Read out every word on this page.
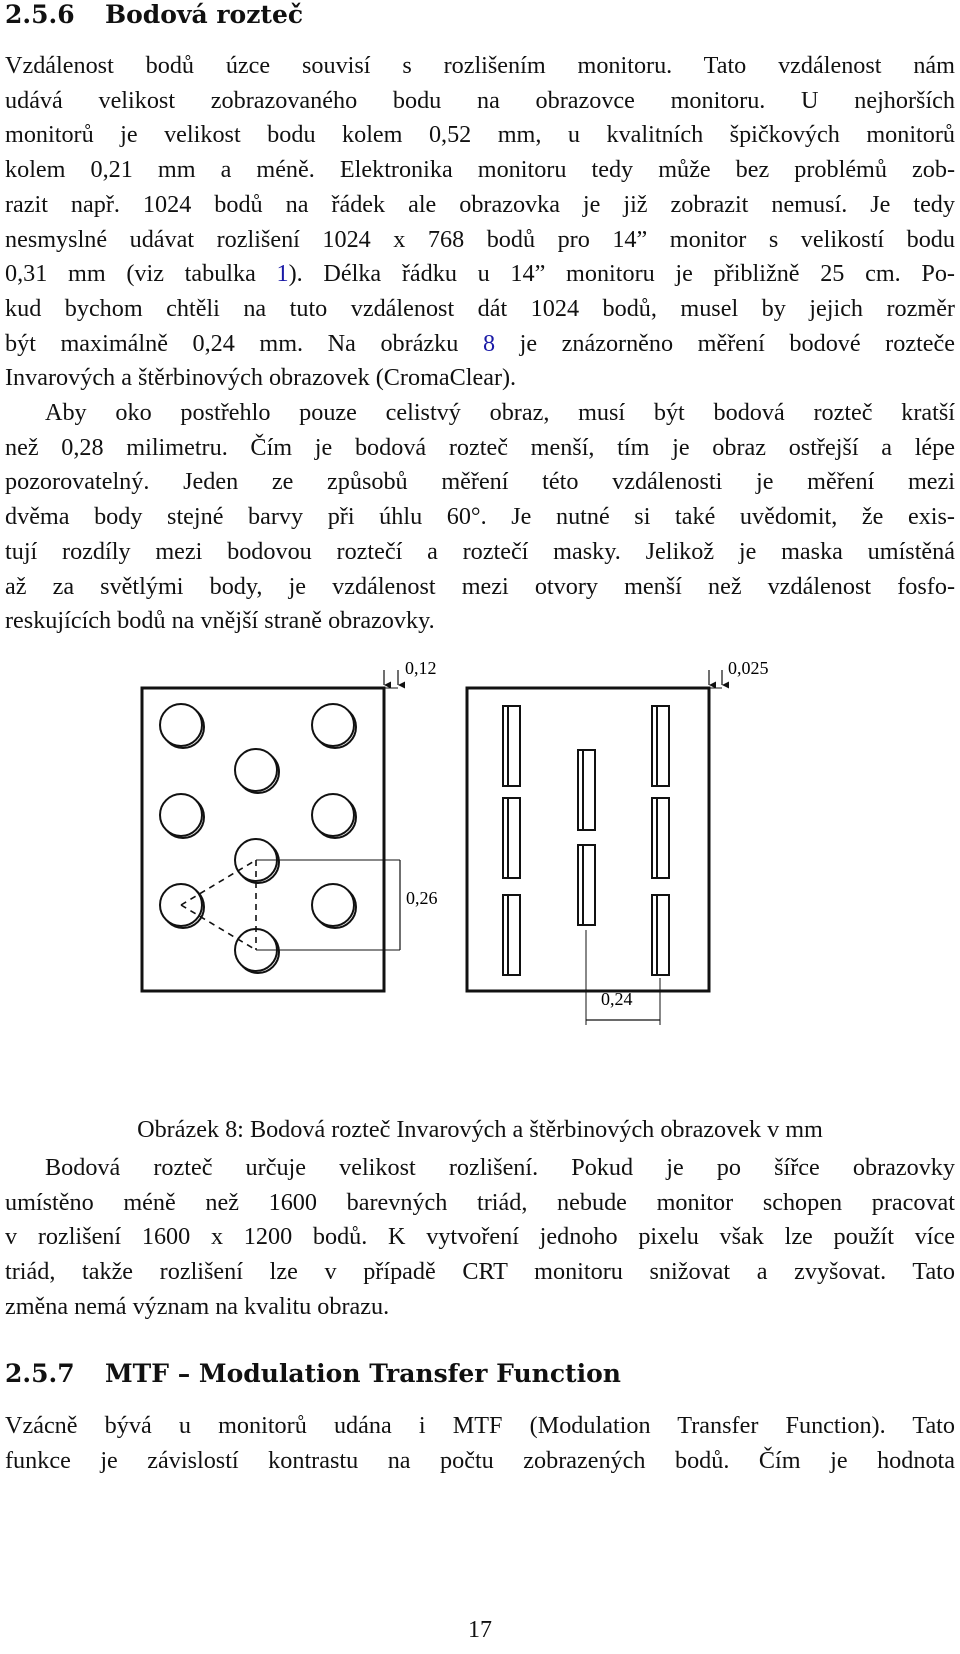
2.5.6 Bodová rozteč
Vzdálenost bodů úzce souvisí s rozlišením monitoru. Tato vzdálenost nám
udává velikost zobrazovaného bodu na obrazovce monitoru. U nejhorších
monitorů je velikost bodu kolem 0,52 mm, u kvalitních špičkových monitorů
kolem 0,21 mm a méně. Elektronika monitoru tedy může bez problémů zob-
razit např. 1024 bodů na řádek ale obrazovka je již zobrazit nemusí. Je tedy
nesmyslné udávat rozlišení 1024 x 768 bodů pro 14” monitor s velikostí bodu
0,31 mm (viz tabulka 1). Délka řádku u 14” monitoru je přibližně 25 cm. Po-
kud bychom chtěli na tuto vzdálenost dát 1024 bodů, musel by jejich rozměr
být maximálně 0,24 mm. Na obrázku 8 je znázorněno měření bodové rozteče
Invarových a štěrbinových obrazovek (CromaClear).
Aby oko postřehlo pouze celistvý obraz, musí být bodová rozteč kratší
než 0,28 milimetru. Čím je bodová rozteč menší, tím je obraz ostřejší a lépe
pozorovatelný. Jeden ze způsobů měření této vzdálenosti je měření mezi
dvěma body stejné barvy při úhlu 60°. Je nutné si také uvědomit, že exis-
tují rozdíly mezi bodovou roztečí a roztečí masky. Jelikož je maska umístěná
až za světlými body, je vzdálenost mezi otvory menší než vzdálenost fosfo-
reskujících bodů na vnější straně obrazovky.
0,12
0,26
0,025
0,24
Obrázek 8: Bodová rozteč Invarových a štěrbinových obrazovek v mm
Bodová rozteč určuje velikost rozlišení. Pokud je po šířce obrazovky
umístěno méně než 1600 barevných triád, nebude monitor schopen pracovat
v rozlišení 1600 x 1200 bodů. K vytvoření jednoho pixelu však lze použít více
triád, takže rozlišení lze v případě CRT monitoru snižovat a zvyšovat. Tato
změna nemá význam na kvalitu obrazu.
2.5.7 MTF – Modulation Transfer Function
Vzácně bývá u monitorů udána i MTF (Modulation Transfer Function). Tato
funkce je závislostí kontrastu na počtu zobrazených bodů. Čím je hodnota
17
